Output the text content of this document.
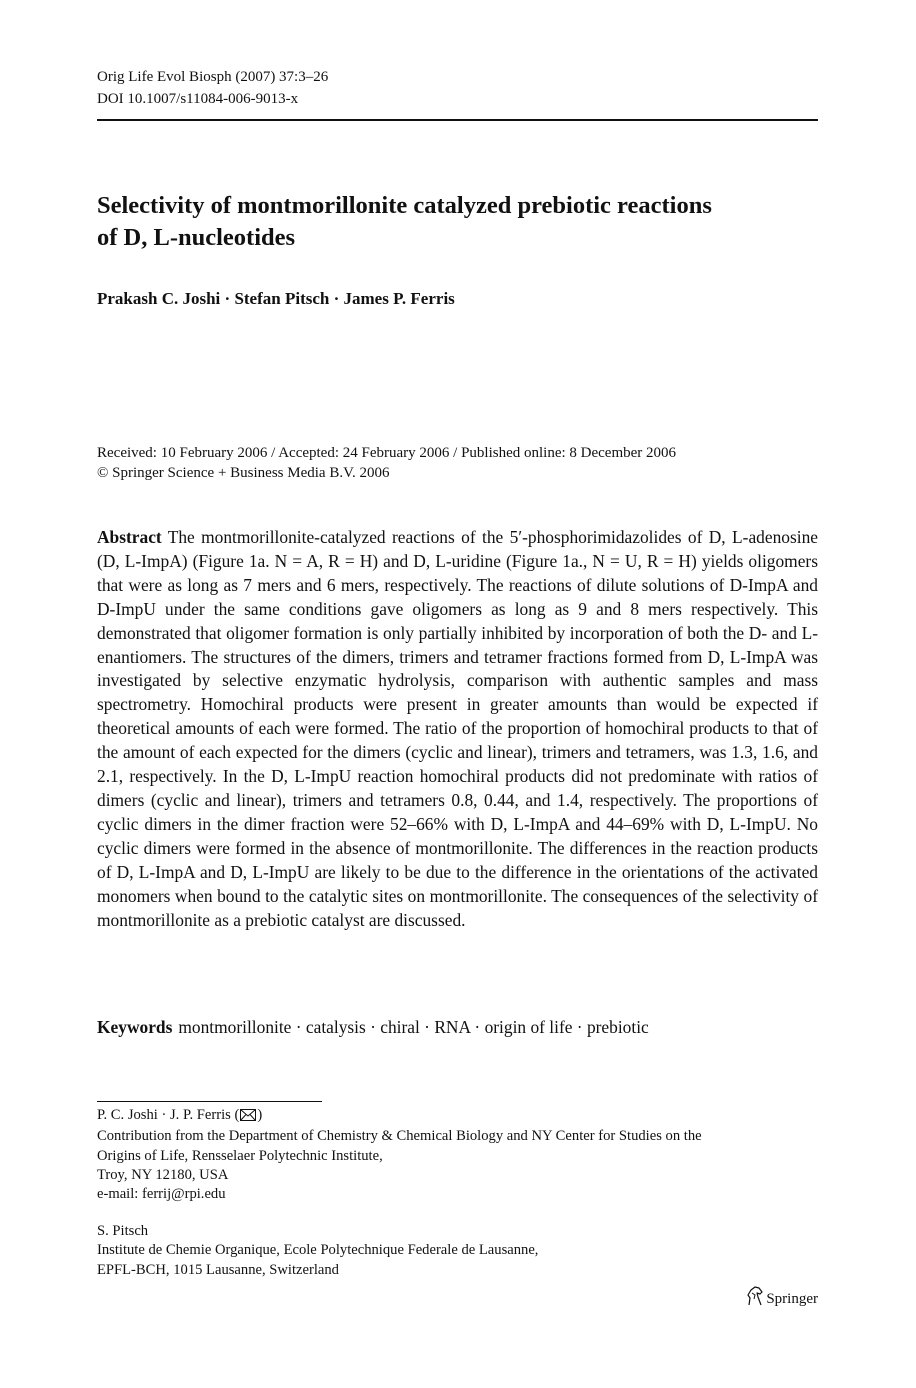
Orig Life Evol Biosph (2007) 37:3–26
DOI 10.1007/s11084-006-9013-x
Selectivity of montmorillonite catalyzed prebiotic reactions of D, L-nucleotides
Prakash C. Joshi · Stefan Pitsch · James P. Ferris
Received: 10 February 2006 / Accepted: 24 February 2006 / Published online: 8 December 2006
© Springer Science + Business Media B.V. 2006

Abstract The montmorillonite-catalyzed reactions of the 5′-phosphorimidazolides of D, L-adenosine (D, L-ImpA) (Figure 1a. N = A, R = H) and D, L-uridine (Figure 1a., N = U, R = H) yields oligomers that were as long as 7 mers and 6 mers, respectively. The reactions of dilute solutions of D-ImpA and D-ImpU under the same conditions gave oligomers as long as 9 and 8 mers respectively. This demonstrated that oligomer formation is only partially inhibited by incorporation of both the D- and L-enantiomers. The structures of the dimers, trimers and tetramer fractions formed from D, L-ImpA was investigated by selective enzymatic hydrolysis, comparison with authentic samples and mass spectrometry. Homochiral products were present in greater amounts than would be expected if theoretical amounts of each were formed. The ratio of the proportion of homochiral products to that of the amount of each expected for the dimers (cyclic and linear), trimers and tetramers, was 1.3, 1.6, and 2.1, respectively. In the D, L-ImpU reaction homochiral products did not predominate with ratios of dimers (cyclic and linear), trimers and tetramers 0.8, 0.44, and 1.4, respectively. The proportions of cyclic dimers in the dimer fraction were 52–66% with D, L-ImpA and 44–69% with D, L-ImpU. No cyclic dimers were formed in the absence of montmorillonite. The differences in the reaction products of D, L-ImpA and D, L-ImpU are likely to be due to the difference in the orientations of the activated monomers when bound to the catalytic sites on montmorillonite. The consequences of the selectivity of montmorillonite as a prebiotic catalyst are discussed.

Keywords montmorillonite · catalysis · chiral · RNA · origin of life · prebiotic
P. C. Joshi · J. P. Ferris ( )
Contribution from the Department of Chemistry & Chemical Biology and NY Center for Studies on the
Origins of Life, Rensselaer Polytechnic Institute,
Troy, NY 12180, USA
e-mail: ferrij@rpi.edu
S. Pitsch
Institute de Chemie Organique, Ecole Polytechnique Federale de Lausanne,
EPFL-BCH, 1015 Lausanne, Switzerland
Springer
